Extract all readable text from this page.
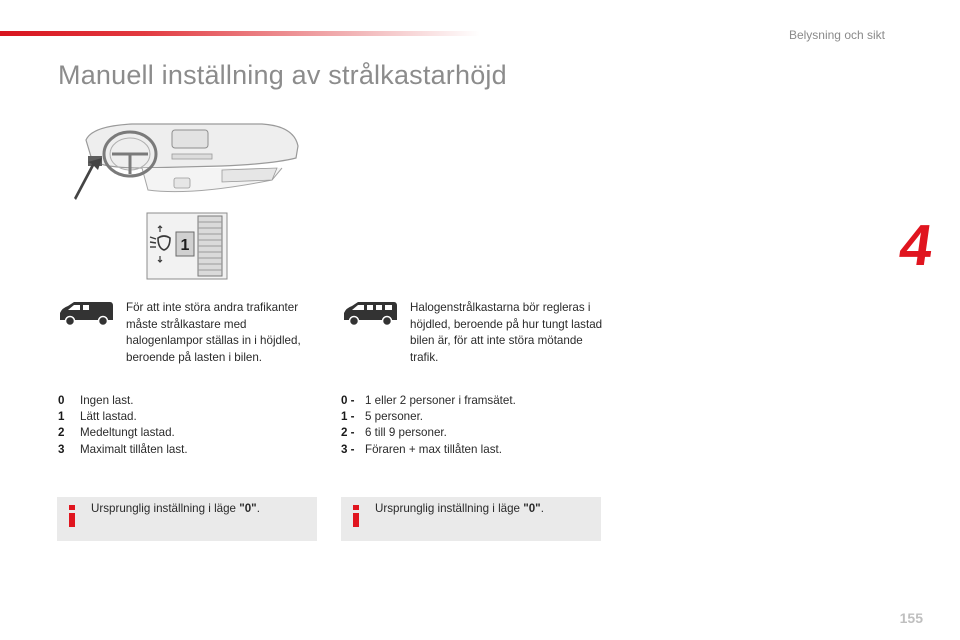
Belysning och sikt
Manuell inställning av strålkastarhöjd
4
1

För att inte störa andra trafikanter måste strålkastare med halogenlampor ställas in i höjdled, beroende på lasten i bilen.

Halogenstrålkastarna bör regleras i höjdled, beroende på hur tungt lastad bilen är, för att inte störa mötande trafik.

0	Ingen last.
1	Lätt lastad.
2	Medeltungt lastad.
3	Maximalt tillåten last.
0 - 1 eller 2 personer i framsätet.
1 - 5 personer.
2 - 6 till 9 personer.
3 - Föraren + max tillåten last.
Ursprunglig inställning i läge "0".	Ursprunglig inställning i läge "0".
155
